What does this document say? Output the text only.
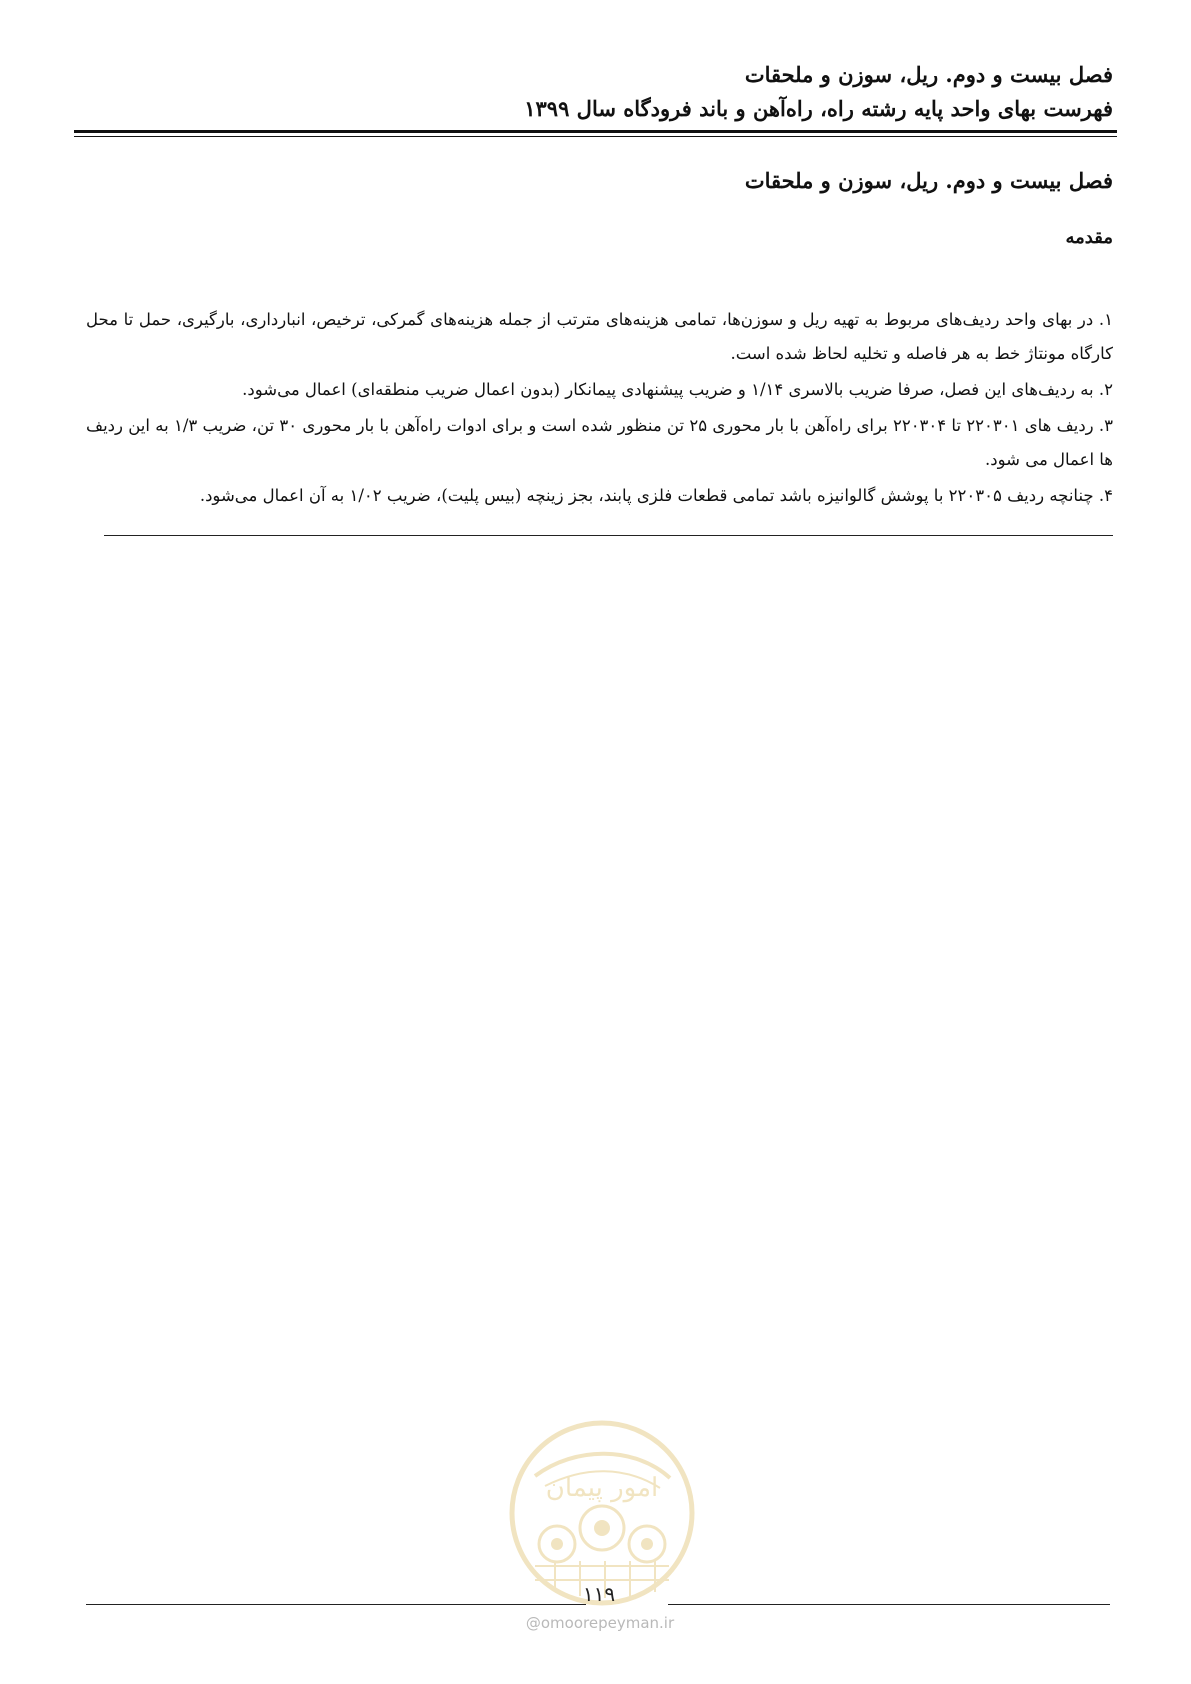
فصل بیست و دوم. ریل، سوزن و ملحقات
فهرست بهای واحد پایه رشته راه، راه‌آهن و باند فرودگاه سال ۱۳۹۹
فصل بیست و دوم. ریل، سوزن و ملحقات
مقدمه

۱. در بهای واحد ردیف‌های مربوط به تهیه ریل و سوزن‌ها، تمامی هزینه‌های مترتب از جمله هزینه‌های گمرکی، ترخیص، انبارداری، بارگیری، حمل تا محل کارگاه مونتاژ خط به هر فاصله و تخلیه لحاظ شده است.

۲. به ردیف‌های این فصل، صرفا ضریب بالاسری ۱/۱۴ و ضریب پیشنهادی پیمانکار (بدون اعمال ضریب منطقه‌ای) اعمال می‌شود.

۳. ردیف های ۲۲۰۳۰۱ تا ۲۲۰۳۰۴ برای راه‌آهن با بار محوری ۲۵ تن منظور شده است و برای ادوات راه‌آهن با بار محوری ۳۰ تن، ضریب ۱/۳ به این ردیف ها اعمال می شود.

۴. چنانچه ردیف ۲۲۰۳۰۵ با پوشش گالوانیزه باشد تمامی قطعات فلزی پابند، بجز زینچه (بیس پلیت)، ضریب ۱/۰۲ به آن اعمال می‌شود.

امور پیمان
۱۱۹
@omoorepeyman.ir
